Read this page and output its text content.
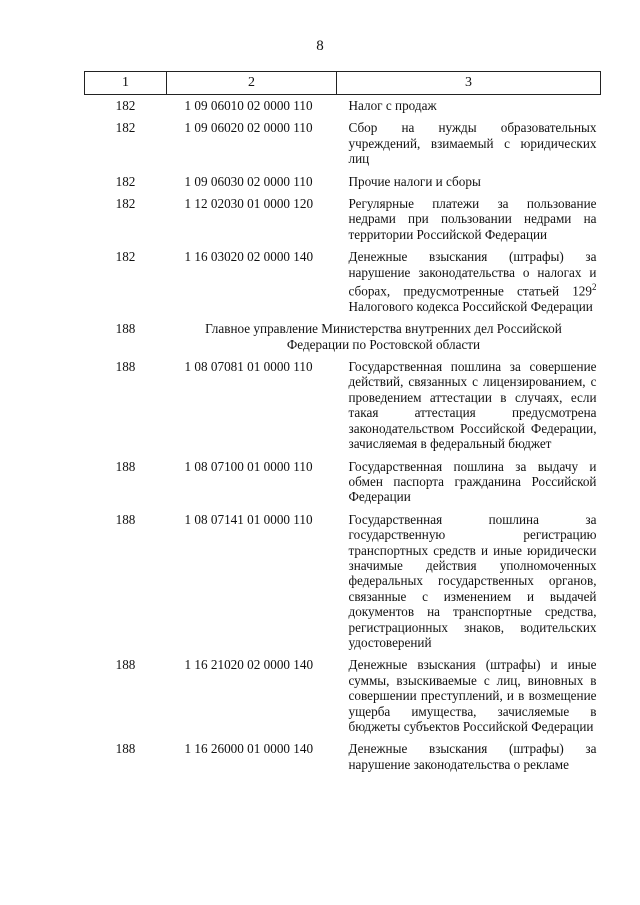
8
1	2	3
182	1 09 06010 02 0000 110	Налог с продаж
182	1 09 06020 02 0000 110	Сбор на нужды образовательных учреждений, взимаемый с юридических лиц
182	1 09 06030 02 0000 110	Прочие налоги и сборы
182	1 12 02030 01 0000 120	Регулярные платежи за пользование недрами при пользовании недрами на территории Российской Федерации
182	1 16 03020 02 0000 140	Денежные взыскания (штрафы) за нарушение законодательства о налогах и сборах, предусмотренные статьей $129^2$ Налогового кодекса Российской Федерации
188	Главное управление Министерства внутренних дел Российской Федерации по Ростовской области	
188	1 08 07081 01 0000 110	Государственная пошлина за совершение действий, связанных с лицензированием, с проведением аттестации в случаях, если такая аттестация предусмотрена законодательством Российской Федерации, зачисляемая в федеральный бюджет
188	1 08 07100 01 0000 110	Государственная пошлина за выдачу и обмен паспорта гражданина Российской Федерации
188	1 08 07141 01 0000 110	Государственная пошлина за государственную регистрацию транспортных средств и иные юридически значимые действия уполномоченных федеральных государственных органов, связанные с изменением и выдачей документов на транспортные средства, регистрационных знаков, водительских удостоверений
188	1 16 21020 02 0000 140	Денежные взыскания (штрафы) и иные суммы, взыскиваемые с лиц, виновных в совершении преступлений, и в возмещение ущерба имущества, зачисляемые в бюджеты субъектов Российской Федерации
188	1 16 26000 01 0000 140	Денежные взыскания (штрафы) за нарушение законодательства о рекламе
